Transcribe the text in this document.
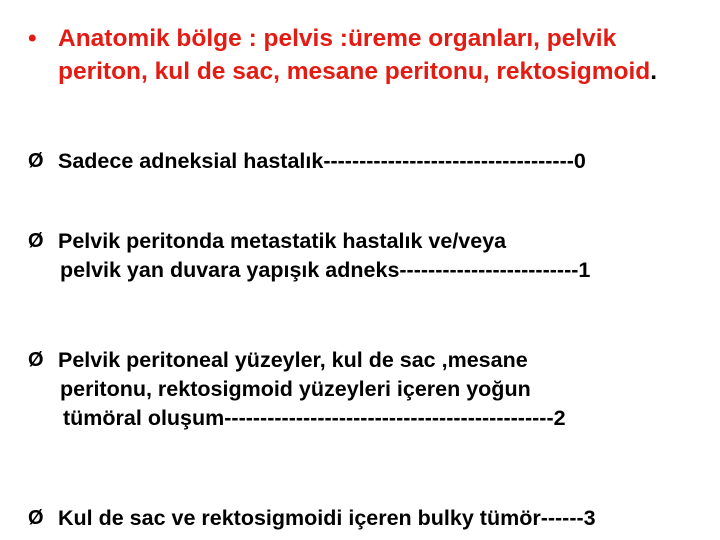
• Anatomik bölge : pelvis :üreme organları, pelvik periton, kul de sac, mesane peritonu, rektosigmoid.
Ø Sadece adneksial hastalık-----------------------------------0
Ø Pelvik peritonda metastatik hastalık ve/veya
pelvik yan duvara yapışık adneks-------------------------1
Ø Pelvik peritoneal yüzeyler, kul de sac ,mesane
peritonu, rektosigmoid yüzeyleri içeren yoğun
tümöral oluşum----------------------------------------------2
Ø Kul de sac ve rektosigmoidi içeren bulky tümör------3
